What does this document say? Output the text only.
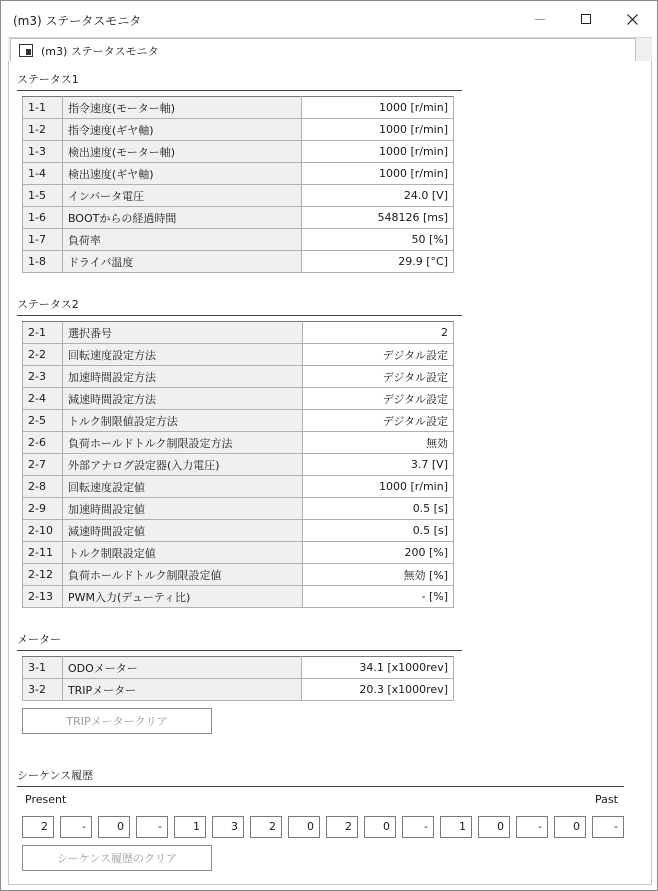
(m3) ステータスモニタ
(m3) ステータスモニタ
ステータス1
1-1	指令速度(モーター軸)	1000 [r/min]
1-2	指令速度(ギヤ軸)	1000 [r/min]
1-3	検出速度(モーター軸)	1000 [r/min]
1-4	検出速度(ギヤ軸)	1000 [r/min]
1-5	インバータ電圧	24.0 [V]
1-6	BOOTからの経過時間	548126 [ms]
1-7	負荷率	50 [%]
1-8	ドライバ温度	29.9 [°C]
ステータス2
2-1	選択番号	2
2-2	回転速度設定方法	デジタル設定
2-3	加速時間設定方法	デジタル設定
2-4	減速時間設定方法	デジタル設定
2-5	トルク制限値設定方法	デジタル設定
2-6	負荷ホールドトルク制限設定方法	無効
2-7	外部アナログ設定器(入力電圧)	3.7 [V]
2-8	回転速度設定値	1000 [r/min]
2-9	加速時間設定値	0.5 [s]
2-10	減速時間設定値	0.5 [s]
2-11	トルク制限設定値	200 [%]
2-12	負荷ホールドトルク制限設定値	無効 [%]
2-13	PWM入力(デューティ比)	- [%]
メーター
3-1	ODOメーター	34.1 [x1000rev]
3-2	TRIPメーター	20.3 [x1000rev]
TRIPメータークリア
シーケンス履歴
Present	Past
2	-	0	-	1	3	2	0	2	0	-	1	0	-	0	-
シーケンス履歴のクリア
